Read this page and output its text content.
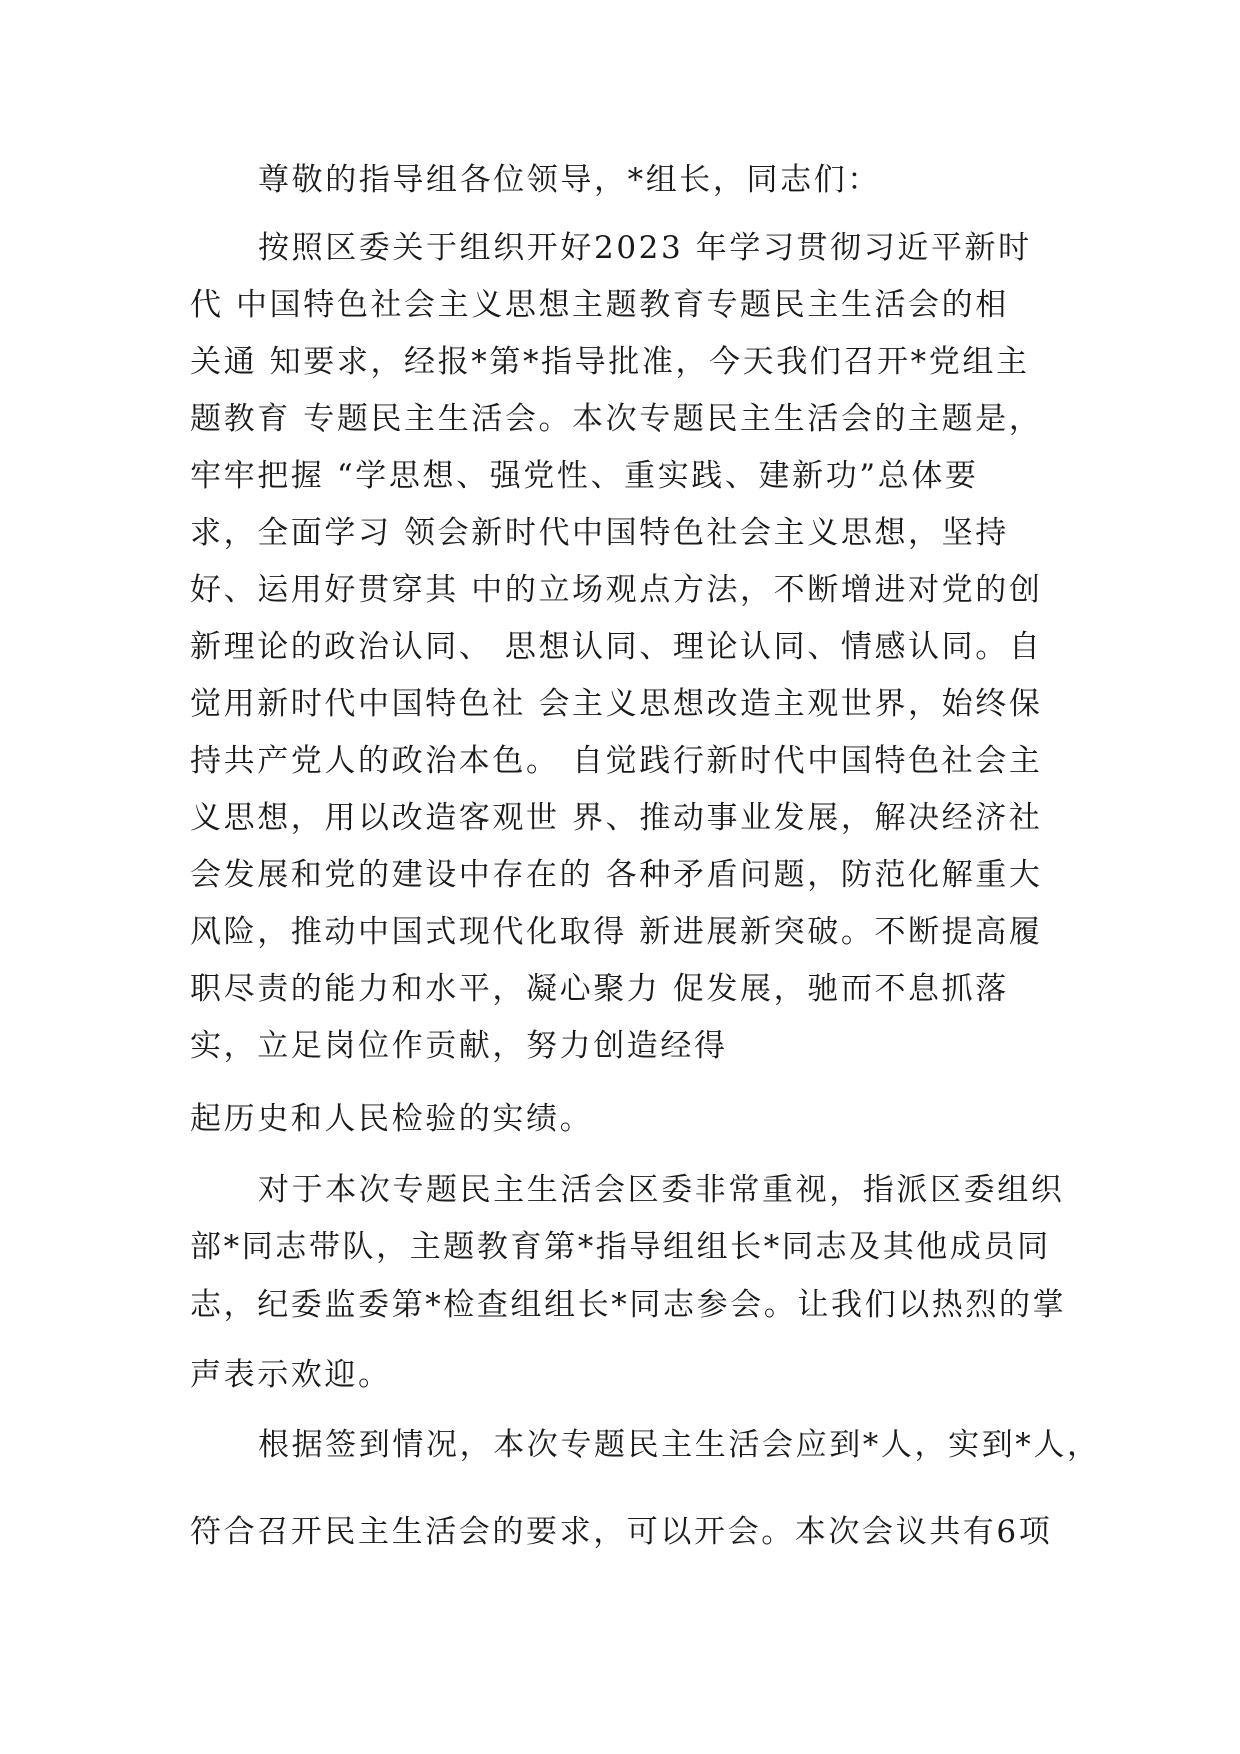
尊敬的指导组各位领导，*组长，同志们：
按照区委关于组织开好2023 年学习贯彻习近平新时
代 中国特色社会主义思想主题教育专题民主生活会的相
关通 知要求，经报*第*指导批准，今天我们召开*党组主
题教育 专题民主生活会。本次专题民主生活会的主题是，
牢牢把握 “学思想、强党性、重实践、建新功”总体要
求，全面学习 领会新时代中国特色社会主义思想，坚持
好、运用好贯穿其 中的立场观点方法，不断增进对党的创
新理论的政治认同、 思想认同、理论认同、情感认同。自
觉用新时代中国特色社 会主义思想改造主观世界，始终保
持共产党人的政治本色。 自觉践行新时代中国特色社会主
义思想，用以改造客观世 界、推动事业发展，解决经济社
会发展和党的建设中存在的 各种矛盾问题，防范化解重大
风险，推动中国式现代化取得 新进展新突破。不断提高履
职尽责的能力和水平，凝心聚力 促发展，驰而不息抓落
实，立足岗位作贡献，努力创造经得
起历史和人民检验的实绩。
对于本次专题民主生活会区委非常重视，指派区委组织
部*同志带队，主题教育第*指导组组长*同志及其他成员同
志，纪委监委第*检查组组长*同志参会。让我们以热烈的掌
声表示欢迎。
根据签到情况，本次专题民主生活会应到*人，实到*人，
符合召开民主生活会的要求，可以开会。本次会议共有6项
